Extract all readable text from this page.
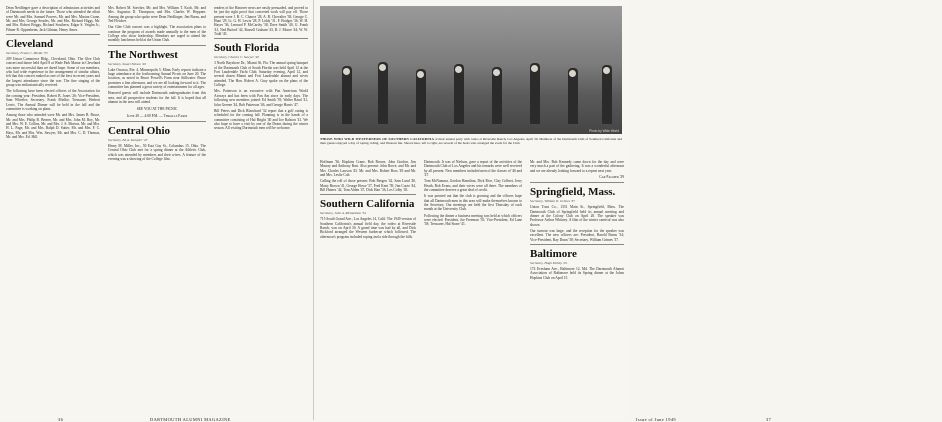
Dean Neidlinger gave a description of admissions activities and of Dartmouth needs in the future. Those who attended the affair were Mr. and Mrs. Samuel Powers, Mr. and Mrs. Marion Crane, Mr. and Mrs. George Searles, Mr. and Mrs. Richard Higgs, Mr. and Mrs. Robert Briggs, Richard Southern, Edgar S. Veighn Jr., Filmer R. Oppenheim, Jack Gilman, Henry Ames.

Cleveland

Secretary, Frank C. Mielke '35

209 Union Commerce Bldg., Cleveland, Ohio. The Glee Club concert and dance held April 8 at Wade Park Manor in Cleveland was more successful than we dared hope. Some of our members, who had wide experience in the arrangement of similar affairs, felt that this concert ranked as one of the best in recent years and the largest attendance since the war. The fine singing of the group was enthusiastically received.

The following have been elected officers of the Association for the coming year: President, Robert B. Jones '26; Vice-President, Sam Wheeler; Secretary, Frank Mielke; Treasurer, Herbert Lewis. The Annual Dinner will be held in the fall and the committee is working on plans.

Among those who attended were Mr. and Mrs. James B. Bruce, Mr. and Mrs. Philip B. Berner, Mr. and Mrs. John M. Roy, Mr. and Mrs. W. E. Collins, Mr. and Mrs. J. S. Morton, Mr. and Mrs. H. L. Page, Mr. and Mrs. Ralph D. Sutter, Mr. and Mrs. F. C. Hays, Mr. and Mrs. Wm. Sawyer, Mr. and Mrs. C. D. Thomas, Mr. and Mrs. Ed. Hill.

Mrs. Robert M. Soecher, Mr. and Mrs. William T. Koch, Mr. and Mrs. Augustus D. Thompson, and Mrs. Charles W. Heppner. Among the group who spoke were Dean Neidlinger, Jim Burns, and Ted Fletcher.

Our Glee Club concert was a highlight. The association plans to continue the program of awards made annually to the men of the College who show leadership. Members are urged to attend the monthly luncheons held at the Union Club.

The Northwest

Secretary, Stuart Nelson '40

Lake Owasso, Rte. 4, Minneapolis 5, Minn. Early reports indicate a huge attendance at the forthcoming Annual Picnic on June 20. The location, as noted in Bruce Powell's Farm near Stillwater. Bruce promises a fine afternoon, and we are all looking forward to it. The committee has planned a great variety of entertainment for all ages.

Honored guests will include Dartmouth undergraduates from this area, and all prospective students for the fall. It is hoped that all alumni in the area will attend.

SEE YOU AT THE PICNIC

June 20 — 4:00 P.M. — Thralls Farm

Central Ohio

Secretary, Ed A. Kempter '25

Henry M. Miller, Inc., 50 East Gay St., Columbus 15, Ohio. The Central Ohio Club met for a spring dinner at the Athletic Club, which was attended by members and their wives. A feature of the evening was a showing of the College film.

readers of the Hanover news are easily persuaded, and proved to be just the right proof that concerted work will pay off. Those present were J. B. C. Chance '28, A. R. Chevalier '38, George C. Hunt '29, Lt. G. H. Lewis '28, P. Liddy '31, F. Bridges '36, W. H. Hayes '36, Leonard P. McCarthy '38, Dave Smith '40, G. Frank '41, Ned Buford '42, Russell Graham '43, B. J. Moore '44, W. W. Todd '45.

South Florida

Secretary, Charles C. Sawyer '40

3 North Bayshore Dr., Miami 36, Fla. The annual spring banquet of the Dartmouth Club of South Florida was held April 12 at the Fort Lauderdale Yacht Club. Saturday evening, April 12, and several dozen Miami and Fort Lauderdale alumni and wives attended. The Hon. Robert A. Gray spoke on the plans of the College.

Mrs. Patterson is an executive with Pan American World Airways and has been with Pan Am since its early days. The following new members joined: Ed Smith '39, Walter Rand '41, John Greene '44, Bob Patterson '46, and George Harris '47.

Bill Peters and Dick Blanchard '32 report that a golf outing is scheduled for the coming fall. Planning is in the hands of a committee consisting of Hal Bright '40 and Joe Ralston '41. We also hope to have a visit by one of the Deans during the winter season. All visiting Dartmouth men will be welcome.

36	DARTMOUTH ALUMNI MAGAZINE
Photo by Wide World
THOSE WHO WILD WESTERNERS OF SOUTHERN CALIFORNIA at their annual party with rodeo at Riverside Ranch, Los Angeles, April 30. Members of the Dartmouth Club of Southern California and their guests enjoyed a day of roping, riding, and Western fun. Shown here, left to right, are several of the hosts who arranged the event for the Club.

Hoffman '36, Hopkins Crane, Bob Brown, John Gordon, Jim Murray and Anthony Burt. Also present: John Rowe, and Mr. and Mrs. Charles Lawson '43. Mr. and Mrs. Robert Ross '49 and Mr. and Mrs. Leslie Colt.

Calling the roll of those present: Bob Bergen '42, Sam Lund '40, Marty Brown '41, George Howe '37, Fred Kent '39, Jim Coote '44, Bill Haines '42, Tom Alden '47, Dick Hart '36, Les Colby '45.

Southern California

Secretary, John A. Richardson '34

715 South Grand Ave., Los Angeles 14, Calif. The 1949 version of Southern California's annual field day, the rodeo at Riverside Ranch, was on April 30. A grand time was had by all, and Dick Bickford arranged the Western barbecue which followed. The afternoon's program included roping and a ride through the hills.

Dartmouth. It was of Nielson, gave a report of the activities of the Dartmouth Club of Los Angeles and his remarks were well received by all present. New members included men of the classes of '46 and '47.

Tom McNamara, Gordon Hamilton, Dick Rice, Clay Colbert, Jerry Heath, Bob Evans, and their wives were all there. The members of the committee deserve a great deal of credit.

It was pointed out that the club is growing and the officers hope that all Dartmouth men in this area will make themselves known to the Secretary. Our meetings are held the first Thursday of each month at the University Club.

Following the dinner a business meeting was held at which officers were elected: President, Joe Freeman '35; Vice-President, Ed Lane '38; Treasurer, Hal Stone '41.

Mr. and Mrs. Bob Kennedy came down for the day and were very much a part of the gathering. It was a wonderful afternoon and we are already looking forward to a repeat next year.

Cap Palmer '29

Springfield, Mass.

Secretary, William D. Grimes '37

Union Trust Co., 1351 Main St., Springfield, Mass. The Dartmouth Club of Springfield held its annual meeting and dinner at the Colony Club on April 20. The speaker was Professor Arthur Whitney. A film of the winter carnival was also shown.

Our turnout was large, and the reception for the speaker was excellent. The new officers are: President, Harold Burns '34; Vice-President, Ray Dunn '38; Secretary, William Grimes '37.

Baltimore

Secretary, Hugh Kirkby '29

174 Evesham Ave., Baltimore 12, Md. The Dartmouth Alumni Association of Baltimore held its Spring dinner at the Johns Hopkins Club on April 15.

Issue of June 1949	37
